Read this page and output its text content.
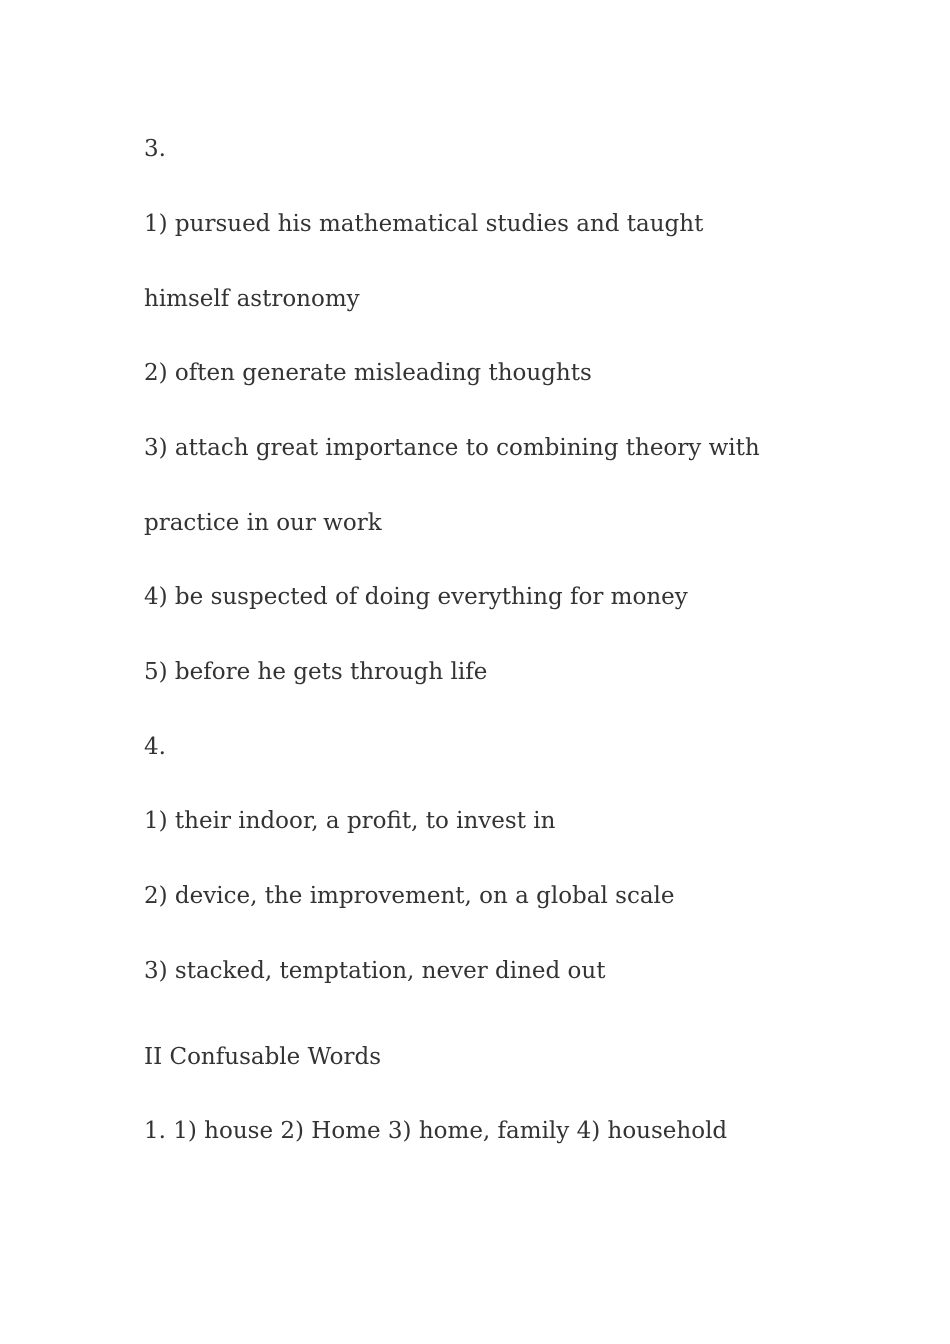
3.

1) pursued his mathematical studies and taught

himself astronomy

2) often generate misleading thoughts

3) attach great importance to combining theory with

practice in our work

4) be suspected of doing everything for money

5) before he gets through life

4.

1) their indoor, a profit, to invest in

2) device, the improvement, on a global scale

3) stacked, temptation, never dined out

II Confusable Words

1. 1) house 2) Home 3) home, family 4) household
